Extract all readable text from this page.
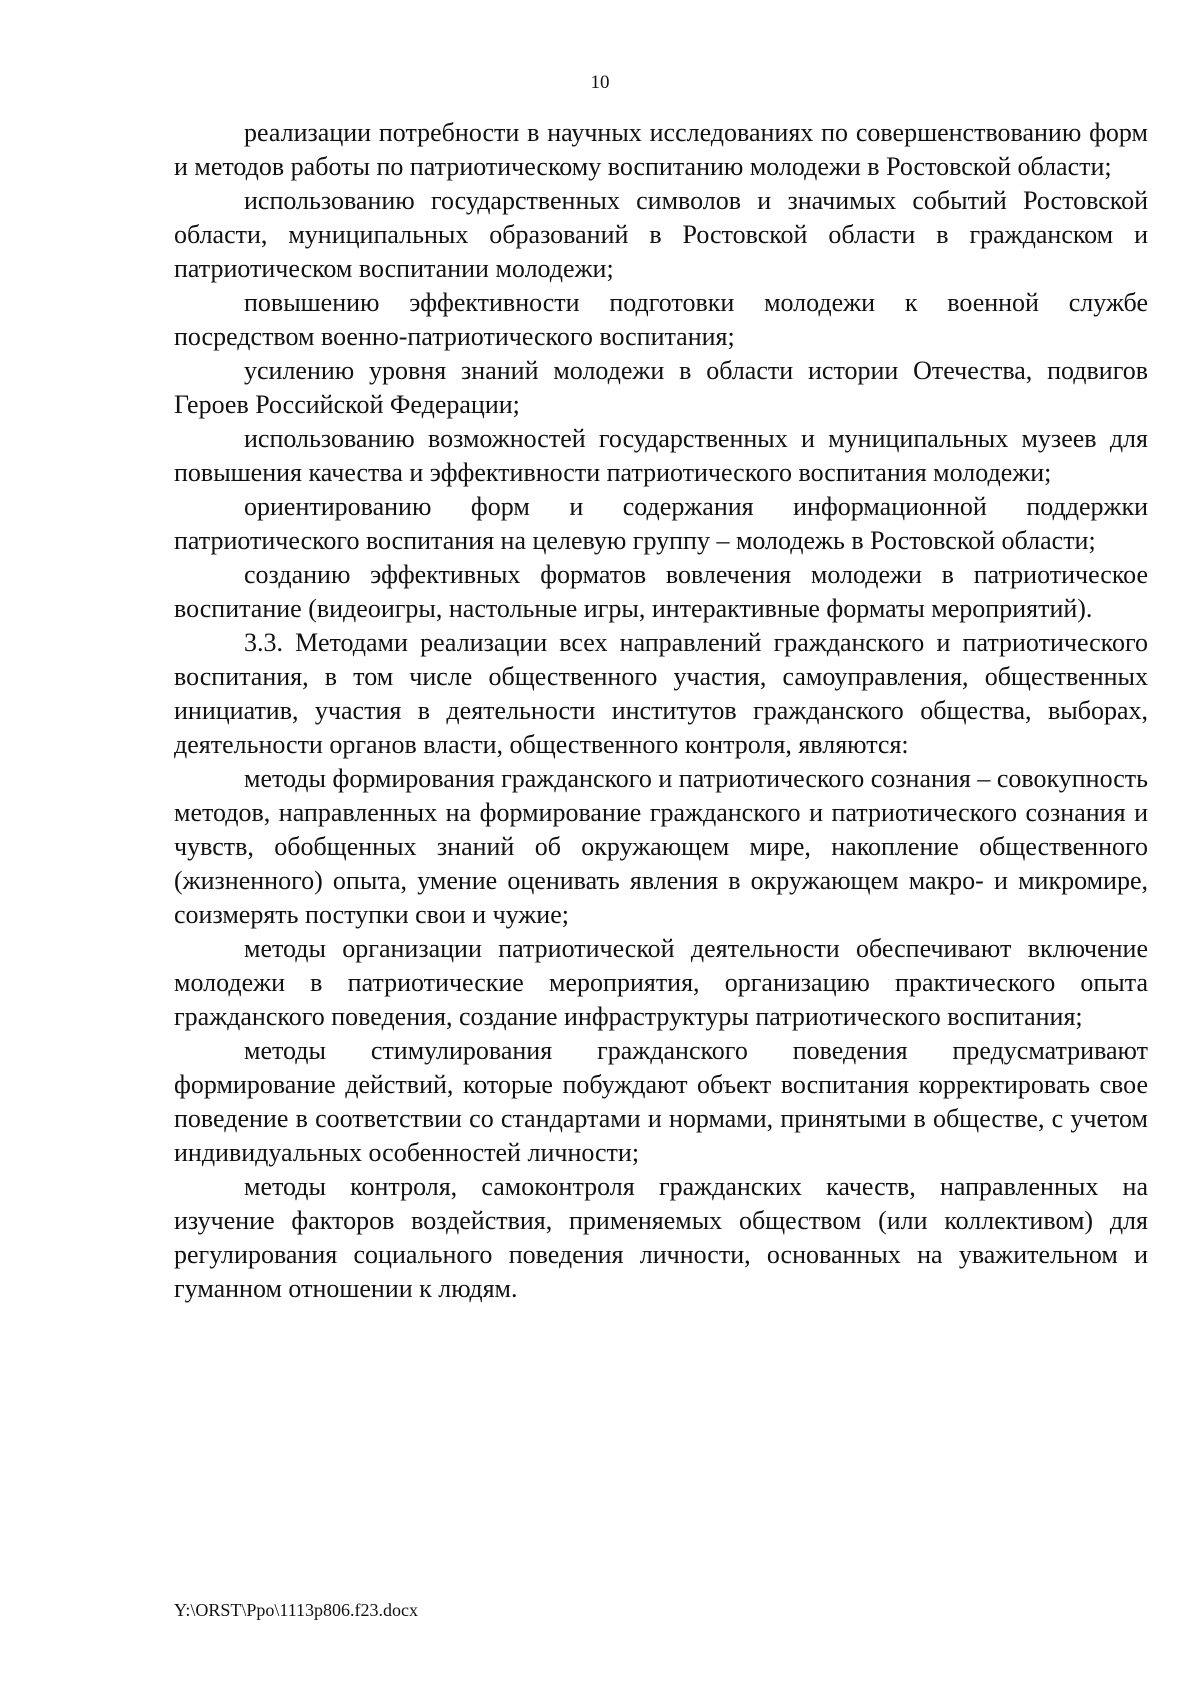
10

реализации потребности в научных исследованиях по совершенствованию форм и методов работы по патриотическому воспитанию молодежи в Ростовской области;

использованию государственных символов и значимых событий Ростовской области, муниципальных образований в Ростовской области в гражданском и патриотическом воспитании молодежи;

повышению эффективности подготовки молодежи к военной службе посредством военно-патриотического воспитания;

усилению уровня знаний молодежи в области истории Отечества, подвигов Героев Российской Федерации;

использованию возможностей государственных и муниципальных музеев для повышения качества и эффективности патриотического воспитания молодежи;

ориентированию форм и содержания информационной поддержки патриотического воспитания на целевую группу – молодежь в Ростовской области;

созданию эффективных форматов вовлечения молодежи в патриотическое воспитание (видеоигры, настольные игры, интерактивные форматы мероприятий).

3.3. Методами реализации всех направлений гражданского и патриотического воспитания, в том числе общественного участия, самоуправления, общественных инициатив, участия в деятельности институтов гражданского общества, выборах, деятельности органов власти, общественного контроля, являются:

методы формирования гражданского и патриотического сознания – совокупность методов, направленных на формирование гражданского и патриотического сознания и чувств, обобщенных знаний об окружающем мире, накопление общественного (жизненного) опыта, умение оценивать явления в окружающем макро- и микромире, соизмерять поступки свои и чужие;

методы организации патриотической деятельности обеспечивают включение молодежи в патриотические мероприятия, организацию практического опыта гражданского поведения, создание инфраструктуры патриотического воспитания;

методы стимулирования гражданского поведения предусматривают формирование действий, которые побуждают объект воспитания корректировать свое поведение в соответствии со стандартами и нормами, принятыми в обществе, с учетом индивидуальных особенностей личности;

методы контроля, самоконтроля гражданских качеств, направленных на изучение факторов воздействия, применяемых обществом (или коллективом) для регулирования социального поведения личности, основанных на уважительном и гуманном отношении к людям.

Y:\ORST\Ppo\1113p806.f23.docx
